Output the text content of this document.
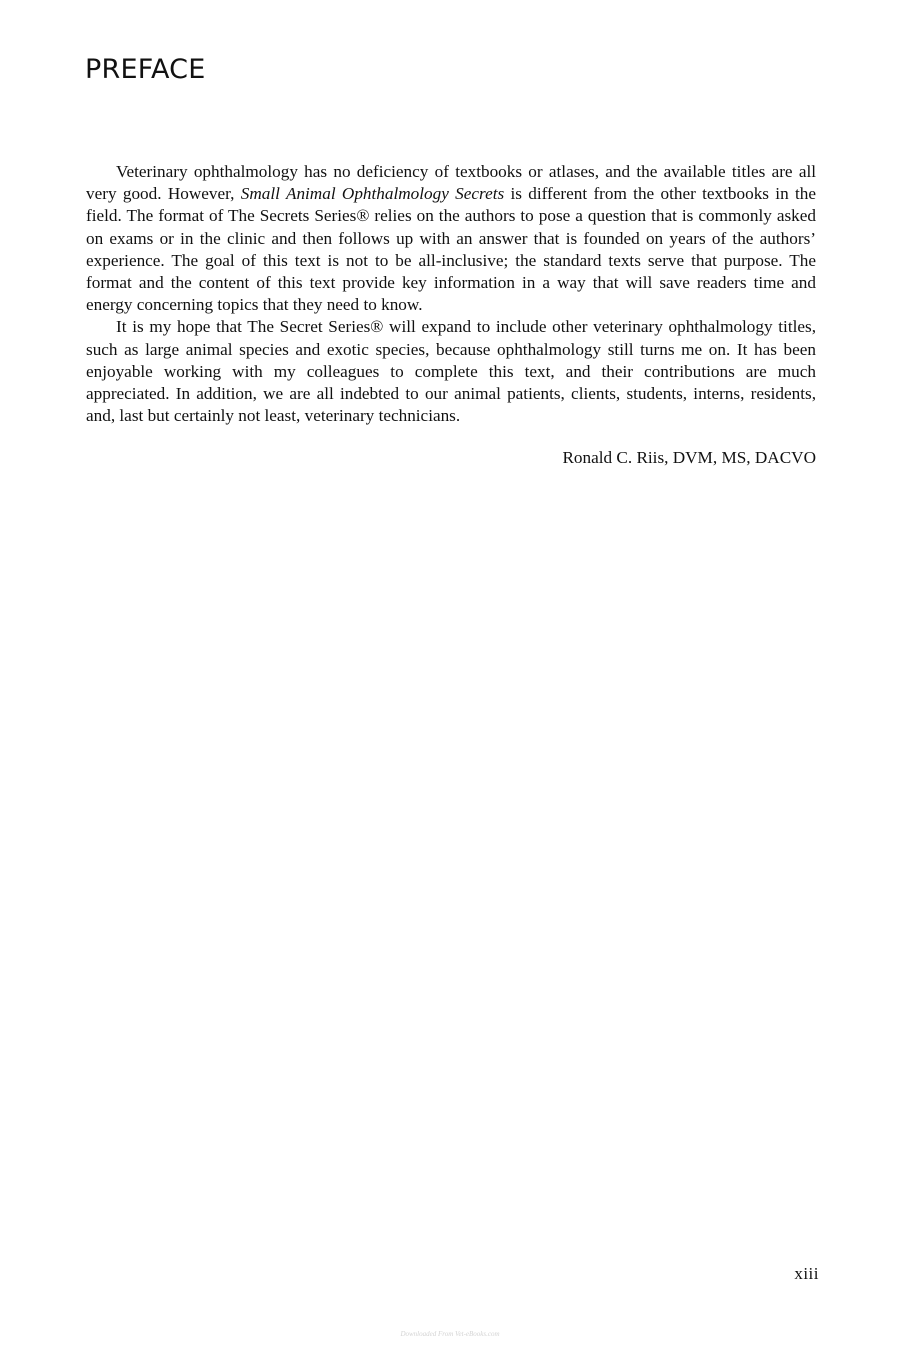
PREFACE

Veterinary ophthalmology has no deficiency of textbooks or atlases, and the available titles are all very good. However, Small Animal Ophthalmology Secrets is different from the other textbooks in the field. The format of The Secrets Series® relies on the authors to pose a question that is commonly asked on exams or in the clinic and then follows up with an answer that is founded on years of the authors’ experience. The goal of this text is not to be all-inclusive; the standard texts serve that purpose. The format and the content of this text provide key information in a way that will save readers time and energy concerning topics that they need to know.

It is my hope that The Secret Series® will expand to include other veterinary ophthalmology titles, such as large animal species and exotic species, because ophthalmology still turns me on. It has been enjoyable working with my colleagues to complete this text, and their contributions are much appreciated. In addition, we are all indebted to our animal patients, clients, students, interns, residents, and, last but certainly not least, veterinary technicians.

Ronald C. Riis, DVM, MS, DACVO
xiii
Downloaded From Vet-eBooks.com
